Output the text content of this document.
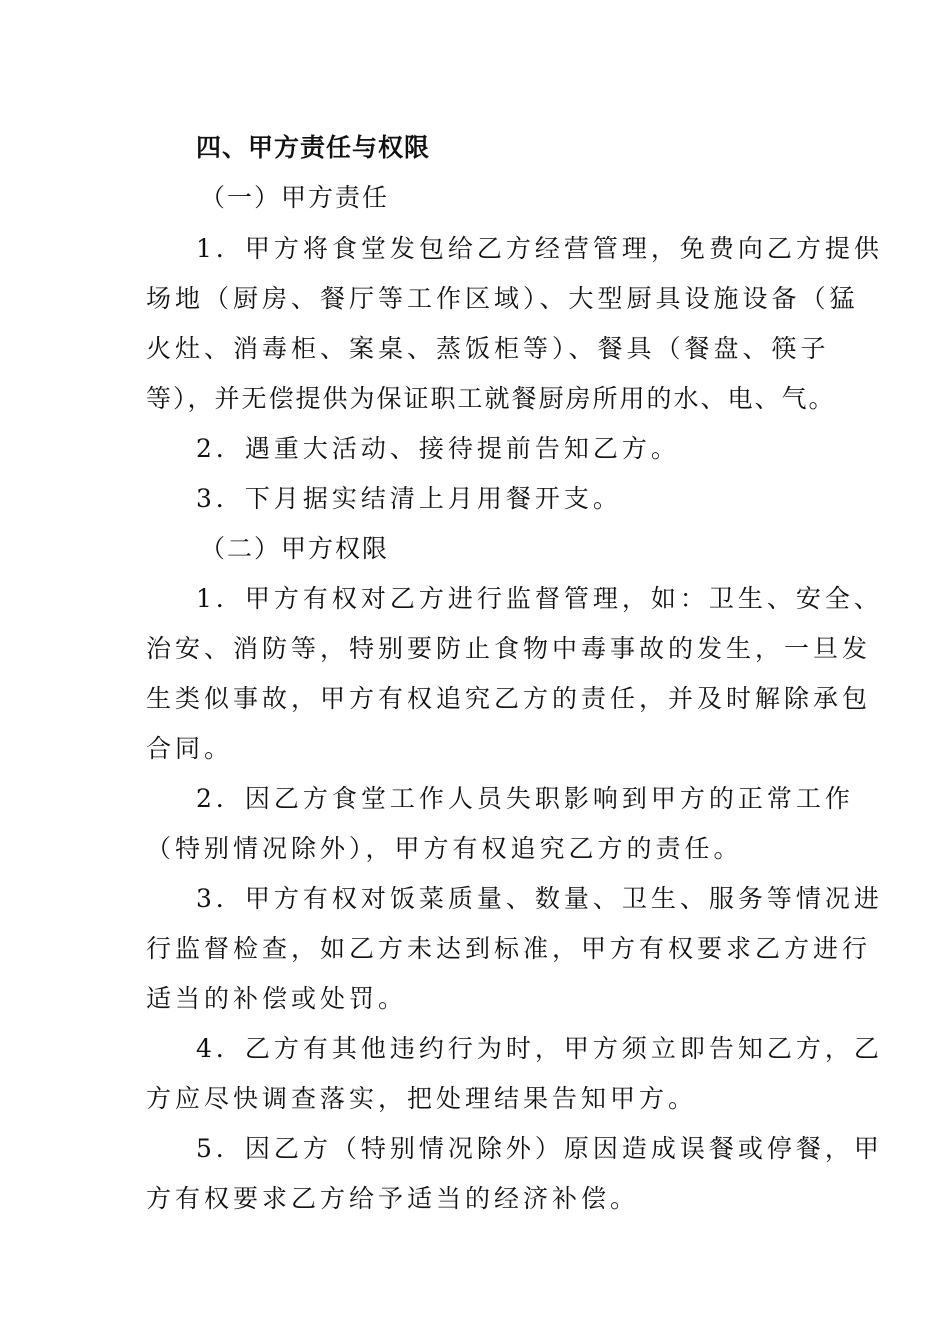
四、甲方责任与权限
（一）甲方责任
1．甲方将食堂发包给乙方经营管理，免费向乙方提供
场地（厨房、餐厅等工作区域）、大型厨具设施设备（猛
火灶、消毒柜、案桌、蒸饭柜等）、餐具（餐盘、筷子
等），并无偿提供为保证职工就餐厨房所用的水、电、气。
2．遇重大活动、接待提前告知乙方。
3．下月据实结清上月用餐开支。
（二）甲方权限
1．甲方有权对乙方进行监督管理，如：卫生、安全、
治安、消防等，特别要防止食物中毒事故的发生，一旦发
生类似事故，甲方有权追究乙方的责任，并及时解除承包
合同。
2．因乙方食堂工作人员失职影响到甲方的正常工作
（特别情况除外），甲方有权追究乙方的责任。
3．甲方有权对饭菜质量、数量、卫生、服务等情况进
行监督检查，如乙方未达到标准，甲方有权要求乙方进行
适当的补偿或处罚。
4．乙方有其他违约行为时，甲方须立即告知乙方，乙
方应尽快调查落实，把处理结果告知甲方。
5．因乙方（特别情况除外）原因造成误餐或停餐，甲
方有权要求乙方给予适当的经济补偿。
